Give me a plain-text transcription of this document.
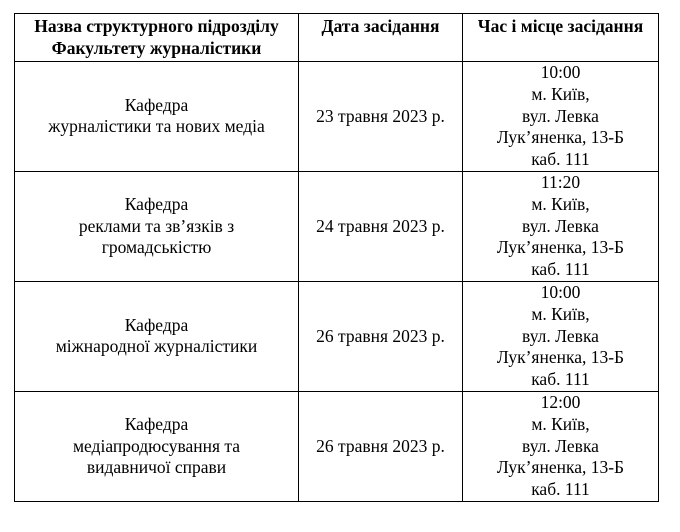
Назва структурного підрозділу
Факультету журналістики	Дата засідання	Час і місце засідання

Кафедра
журналістики та нових медіа	23 травня 2023 р.	10:00
м. Київ,
вул. Левка
Лук’яненка, 13-Б
каб. 111

Кафедра
реклами та зв’язків з
громадськістю	24 травня 2023 р.	11:20
м. Київ,
вул. Левка
Лук’яненка, 13-Б
каб. 111

Кафедра
міжнародної журналістики	26 травня 2023 р.	10:00
м. Київ,
вул. Левка
Лук’яненка, 13-Б
каб. 111

Кафедра
медіапродюсування та
видавничої справи	26 травня 2023 р.	12:00
м. Київ,
вул. Левка
Лук’яненка, 13-Б
каб. 111
